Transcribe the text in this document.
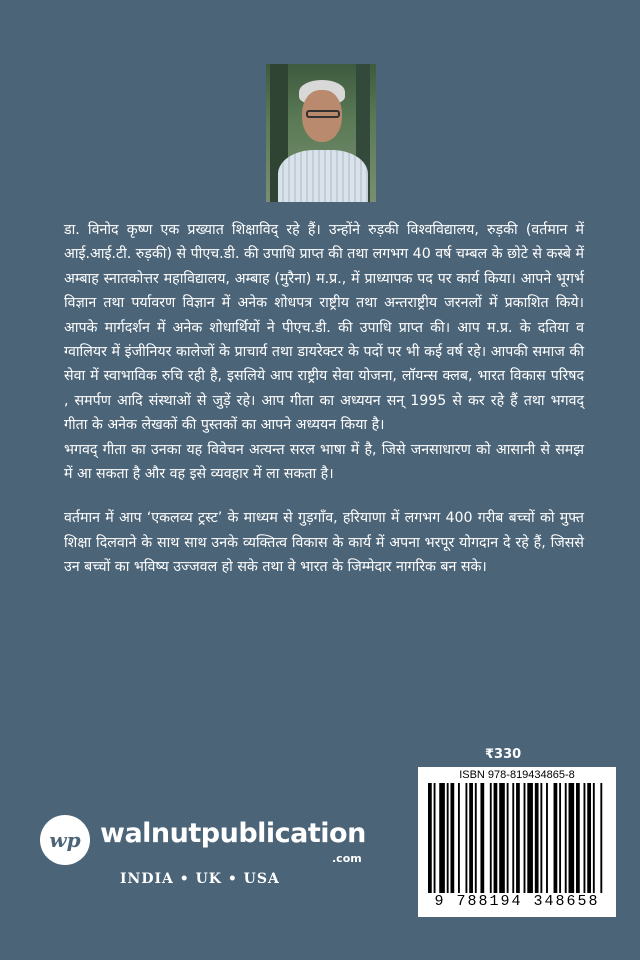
डा. विनोद कृष्ण एक प्रख्यात शिक्षाविद् रहे हैं। उन्होंने रुड़की विश्वविद्यालय, रुड़की (वर्तमान में आई.आई.टी. रुड़की) से पीएच.डी. की उपाधि प्राप्त की तथा लगभग 40 वर्ष चम्बल के छोटे से कस्बे में अम्बाह स्नातकोत्तर महाविद्यालय, अम्बाह (मुरैना) म.प्र., में प्राध्यापक पद पर कार्य किया। आपने भूगर्भ विज्ञान तथा पर्यावरण विज्ञान में अनेक शोधपत्र राष्ट्रीय तथा अन्तराष्ट्रीय जरनलों में प्रकाशित किये। आपके मार्गदर्शन में अनेक शोधार्थियों ने पीएच.डी. की उपाधि प्राप्त की। आप म.प्र. के दतिया व ग्वालियर में इंजीनियर कालेजों के प्राचार्य तथा डायरेक्टर के पदों पर भी कई वर्ष रहे। आपकी समाज की सेवा में स्वाभाविक रुचि रही है, इसलिये आप राष्ट्रीय सेवा योजना, लॉयन्स क्लब, भारत विकास परिषद , समर्पण आदि संस्थाओं से जुड़ें रहे। आप गीता का अध्ययन सन् 1995 से कर रहे हैं तथा भगवद् गीता के अनेक लेखकों की पुस्तकों का आपने अध्ययन किया है।

भगवद् गीता का उनका यह विवेचन अत्यन्त सरल भाषा में है, जिसे जनसाधारण को आसानी से समझ में आ सकता है और वह इसे व्यवहार में ला सकता है।

वर्तमान में आप ‘एकलव्य ट्रस्ट’ के माध्यम से गुड़गाँव, हरियाणा में लगभग 400 गरीब बच्चों को मुफ्त शिक्षा दिलवाने के साथ साथ उनके व्यक्तित्व विकास के कार्य में अपना भरपूर योगदान दे रहे हैं, जिससे उन बच्चों का भविष्य उज्जवल हो सके तथा वे भारत के जिम्मेदार नागरिक बन सके।

wp walnutpublication
.com
INDIA • UK • USA
₹330
ISBN 978-819434865-8
9 788194 348658
